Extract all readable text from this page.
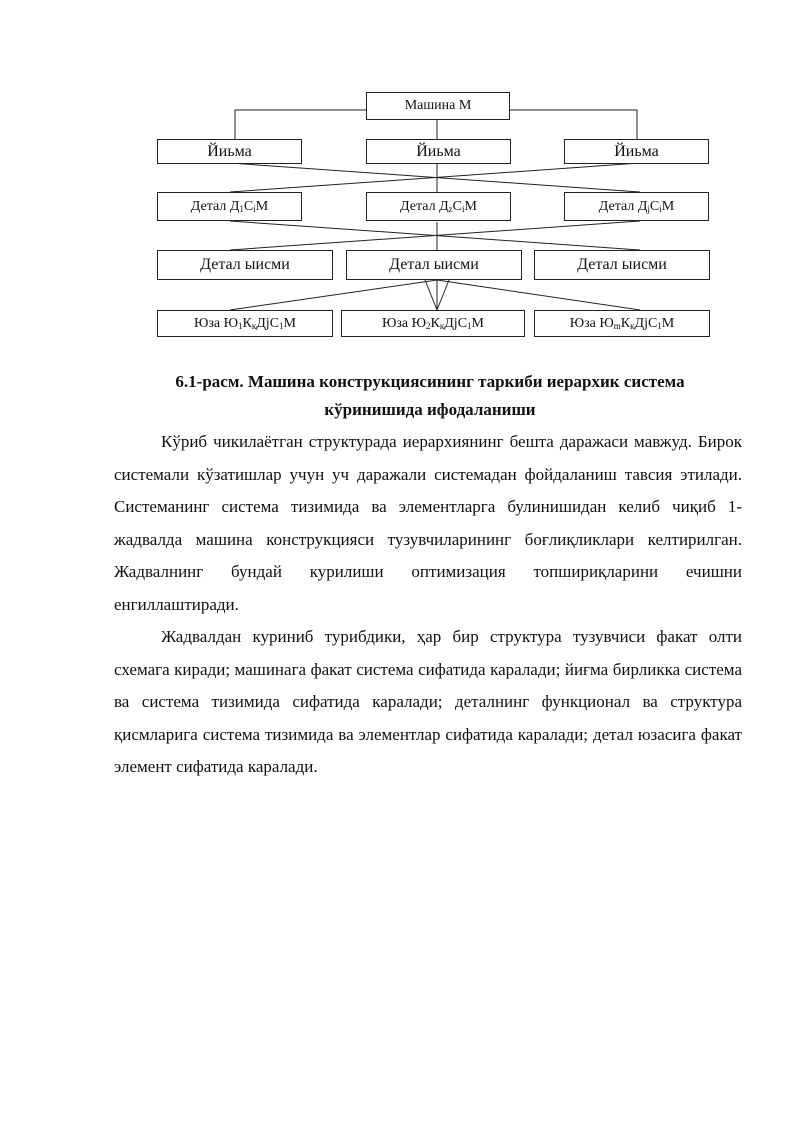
Машина М
Йиьма	Йиьма	Йиьма
Детал $Д_1С_iМ$	Детал $Д_zС_iМ$	Детал $Д_jС_iМ$
Детал ыисми	Детал ыисми	Детал ыисми
Юза $Ю_1К_кДjС_1М$	Юза $Ю_2К_кДjС_1М$	Юза $Ю_mК_кДjС_1М$
6.1-расм. Машина конструкциясининг таркиби иерархик система
кўринишида ифодаланиши

Кўриб чикилаётган структурада иерархиянинг бешта даражаси мавжуд. Бирок системали кўзатишлар учун уч даражали системадан фойдаланиш тавсия этилади. Системанинг система тизимида ва элементларга булинишидан келиб чиқиб 1-жадвалда машина конструкцияси тузувчиларининг боғлиқликлари келтирилган. Жадвалнинг бундай курилиши оптимизация топшириқларини ечишни енгиллаштиради.

Жадвалдан куриниб турибдики, ҳар бир структура тузувчиси факат олти схемага киради; машинага факат система сифатида каралади; йиғма бирликка система ва система тизимида сифатида каралади; деталнинг функционал ва структура қисмларига система тизимида ва элементлар сифатида каралади; детал юзасига факат элемент сифатида каралади.
